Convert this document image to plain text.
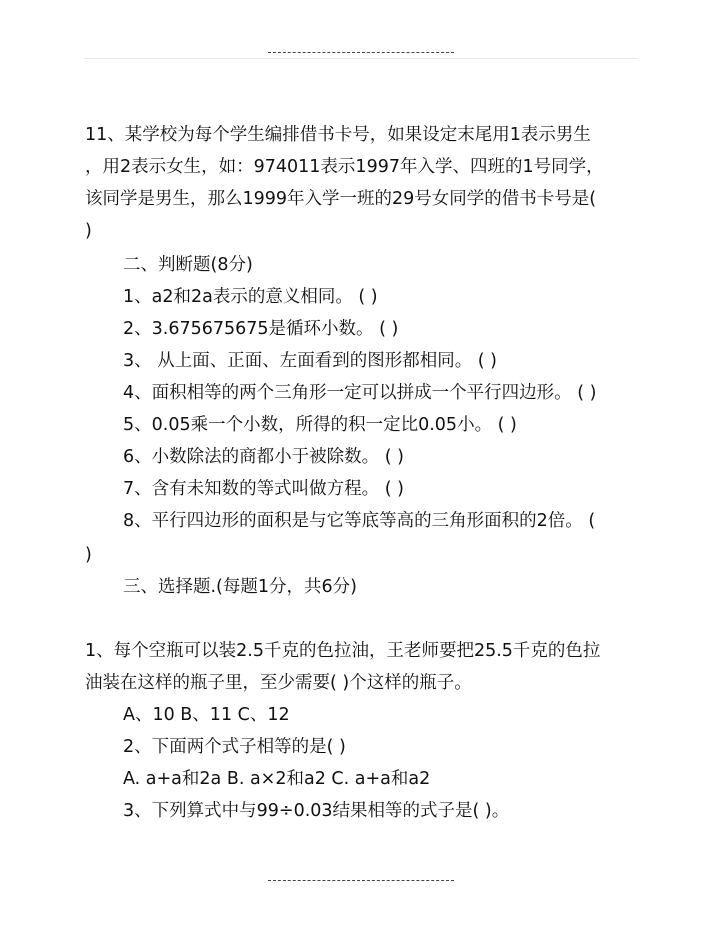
11、某学校为每个学生编排借书卡号，如果设定末尾用1表示男生
，用2表示女生，如：974011表示1997年入学、四班的1号同学，
该同学是男生，那么1999年入学一班的29号女同学的借书卡号是(
)
二、判断题(8分)
1、a2和2a表示的意义相同。 ( )
2、3.675675675是循环小数。 ( )
3、 从上面、正面、左面看到的图形都相同。 ( )
4、面积相等的两个三角形一定可以拼成一个平行四边形。 ( )
5、0.05乘一个小数，所得的积一定比0.05小。 ( )
6、小数除法的商都小于被除数。 ( )
7、含有未知数的等式叫做方程。 ( )
8、平行四边形的面积是与它等底等高的三角形面积的2倍。 (
)
三、选择题.(每题1分，共6分)
1、每个空瓶可以装2.5千克的色拉油，王老师要把25.5千克的色拉
油装在这样的瓶子里，至少需要( )个这样的瓶子。
A、10 B、11 C、12
2、下面两个式子相等的是( )
A. a+a和2a B. a×2和a2 C. a+a和a2
3、下列算式中与99÷0.03结果相等的式子是( )。
